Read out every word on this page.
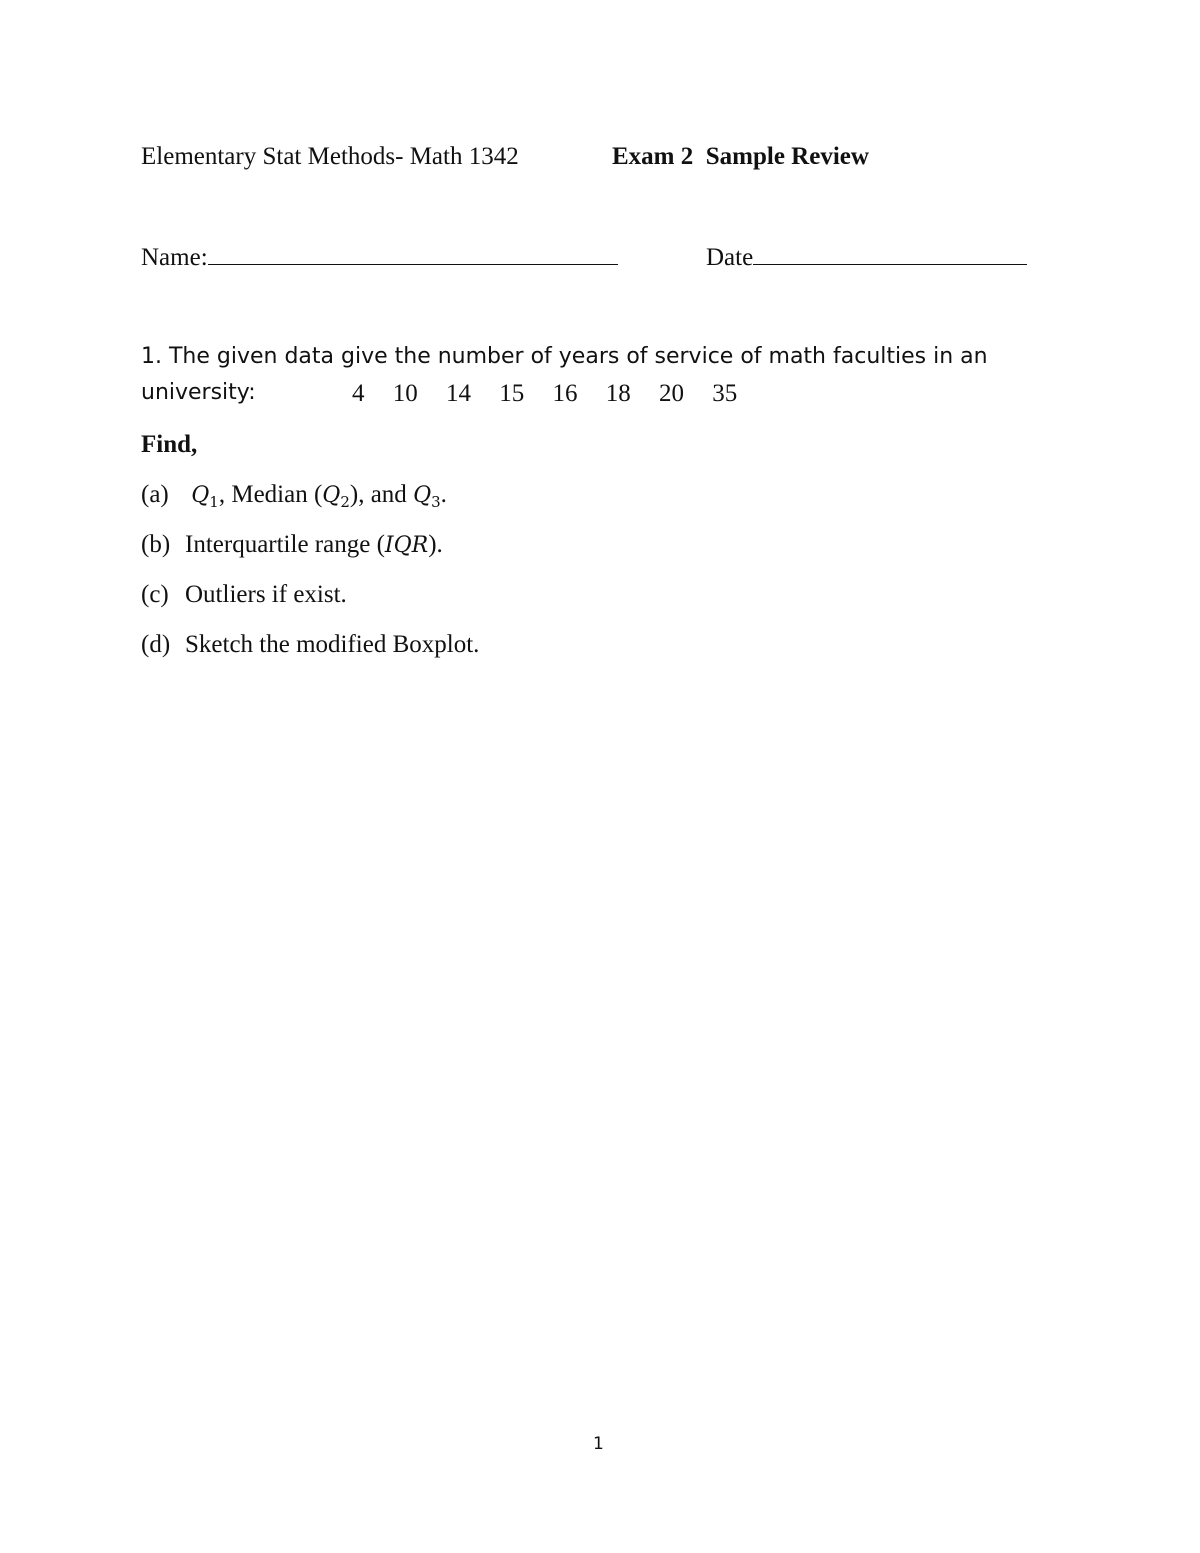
Elementary Stat Methods- Math 1342	Exam 2  Sample Review
Name:	Date
1. The given data give the number of years of service of math faculties in an
university:	4 10 14 15 16 18 20 35
Find,
(a) $Q_1$, Median $(Q_2)$, and $Q_3$.
(b) Interquartile range (IQR).
(c) Outliers if exist.
(d) Sketch the modified Boxplot.
1
